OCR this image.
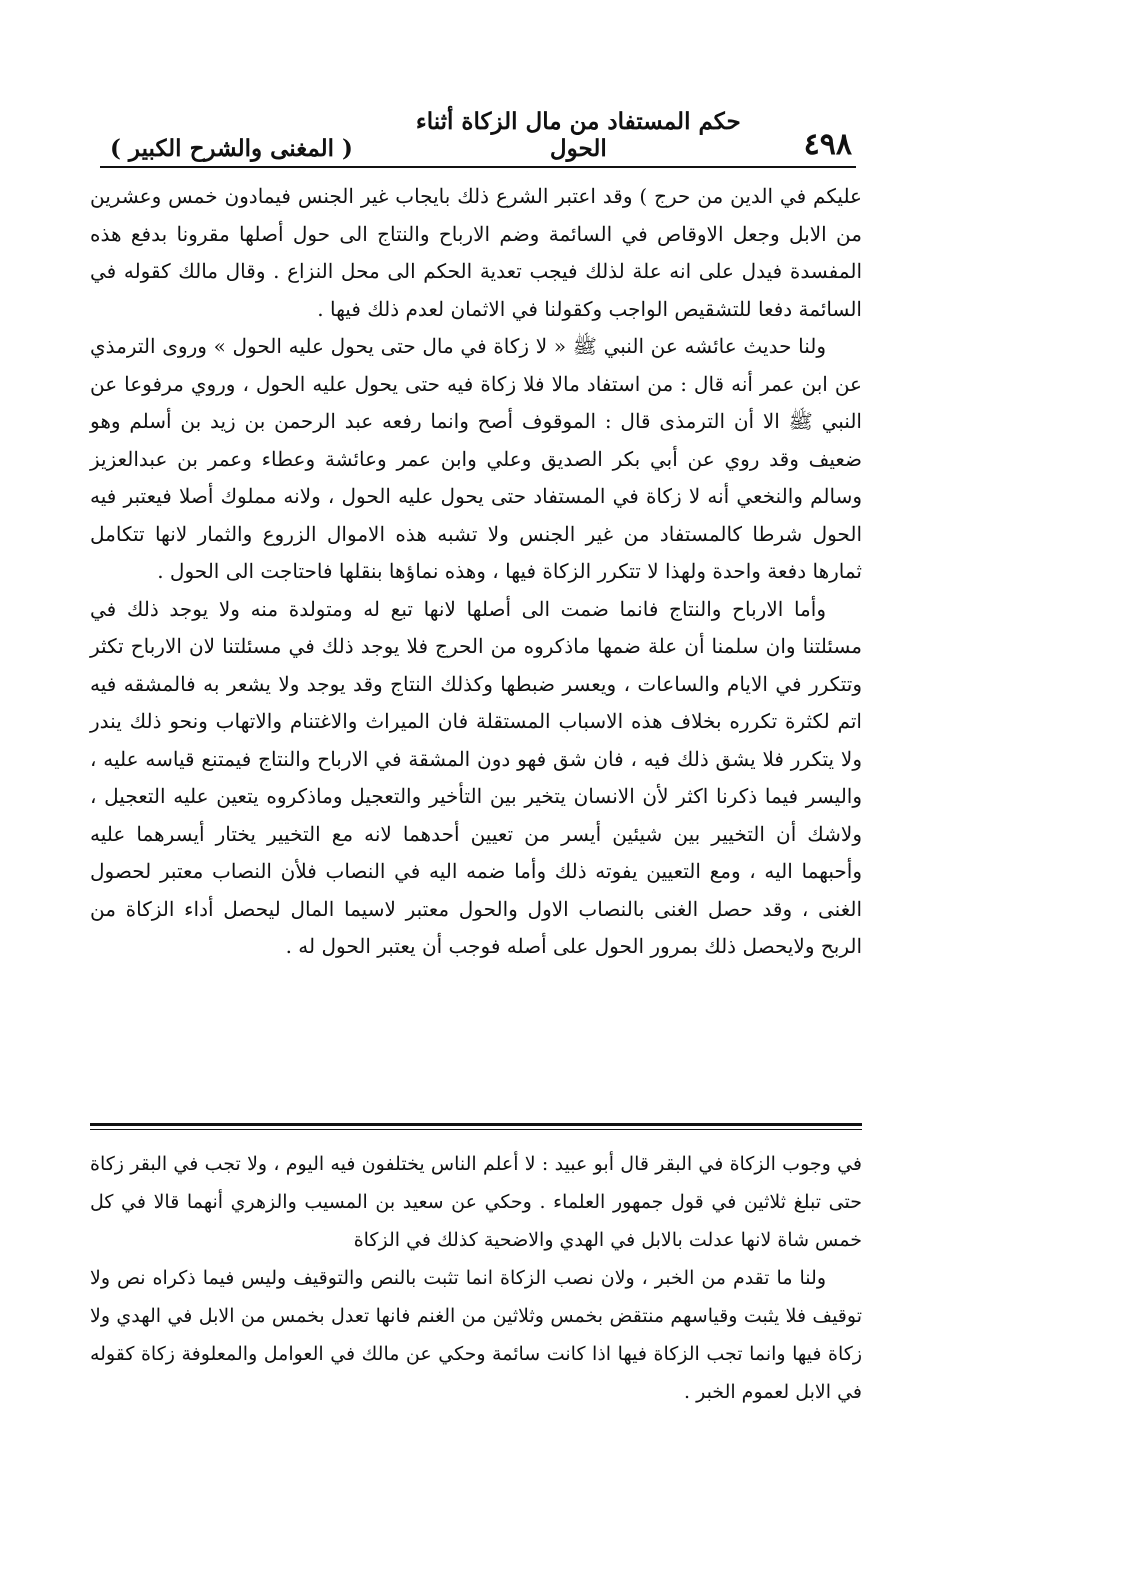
٤٩٨
حكم المستفاد من مال الزكاة أثناء الحول
( المغنى والشرح الكبير )

عليكم في الدين من حرج ) وقد اعتبر الشرع ذلك بايجاب غير الجنس فيمادون خمس وعشرين من الابل وجعل الاوقاص في السائمة وضم الارباح والنتاج الى حول أصلها مقرونا بدفع هذه المفسدة فيدل على انه علة لذلك فيجب تعدية الحكم الى محل النزاع . وقال مالك كقوله في السائمة دفعا للتشقيص الواجب وكقولنا في الاثمان لعدم ذلك فيها .

ولنا حديث عائشه عن النبي ﷺ « لا زكاة في مال حتى يحول عليه الحول » وروى الترمذي عن ابن عمر أنه قال : من استفاد مالا فلا زكاة فيه حتى يحول عليه الحول ، وروي مرفوعا عن النبي ﷺ الا أن الترمذى قال : الموقوف أصح وانما رفعه عبد الرحمن بن زيد بن أسلم وهو ضعيف وقد روي عن أبي بكر الصديق وعلي وابن عمر وعائشة وعطاء وعمر بن عبدالعزيز وسالم والنخعي أنه لا زكاة في المستفاد حتى يحول عليه الحول ، ولانه مملوك أصلا فيعتبر فيه الحول شرطا كالمستفاد من غير الجنس ولا تشبه هذه الاموال الزروع والثمار لانها تتكامل ثمارها دفعة واحدة ولهذا لا تتكرر الزكاة فيها ، وهذه نماؤها بنقلها فاحتاجت الى الحول .

وأما الارباح والنتاج فانما ضمت الى أصلها لانها تبع له ومتولدة منه ولا يوجد ذلك في مسئلتنا وان سلمنا أن علة ضمها ماذكروه من الحرج فلا يوجد ذلك في مسئلتنا لان الارباح تكثر وتتكرر في الايام والساعات ، ويعسر ضبطها وكذلك النتاج وقد يوجد ولا يشعر به فالمشقه فيه اتم لكثرة تكرره بخلاف هذه الاسباب المستقلة فان الميراث والاغتنام والاتهاب ونحو ذلك يندر ولا يتكرر فلا يشق ذلك فيه ، فان شق فهو دون المشقة في الارباح والنتاج فيمتنع قياسه عليه ، واليسر فيما ذكرنا اكثر لأن الانسان يتخير بين التأخير والتعجيل وماذكروه يتعين عليه التعجيل ، ولاشك أن التخيير بين شيئين أيسر من تعيين أحدهما لانه مع التخيير يختار أيسرهما عليه وأحبهما اليه ، ومع التعيين يفوته ذلك وأما ضمه اليه في النصاب فلأن النصاب معتبر لحصول الغنى ، وقد حصل الغنى بالنصاب الاول والحول معتبر لاسيما المال ليحصل أداء الزكاة من الربح ولايحصل ذلك بمرور الحول على أصله فوجب أن يعتبر الحول له .

في وجوب الزكاة في البقر قال أبو عبيد : لا أعلم الناس يختلفون فيه اليوم ، ولا تجب في البقر زكاة حتى تبلغ ثلاثين في قول جمهور العلماء . وحكي عن سعيد بن المسيب والزهري أنهما قالا في كل خمس شاة لانها عدلت بالابل في الهدي والاضحية كذلك في الزكاة

ولنا ما تقدم من الخبر ، ولان نصب الزكاة انما تثبت بالنص والتوقيف وليس فيما ذكراه نص ولا توقيف فلا يثبت وقياسهم منتقض بخمس وثلاثين من الغنم فانها تعدل بخمس من الابل في الهدي ولا زكاة فيها وانما تجب الزكاة فيها اذا كانت سائمة وحكي عن مالك في العوامل والمعلوفة زكاة كقوله في الابل لعموم الخبر .
